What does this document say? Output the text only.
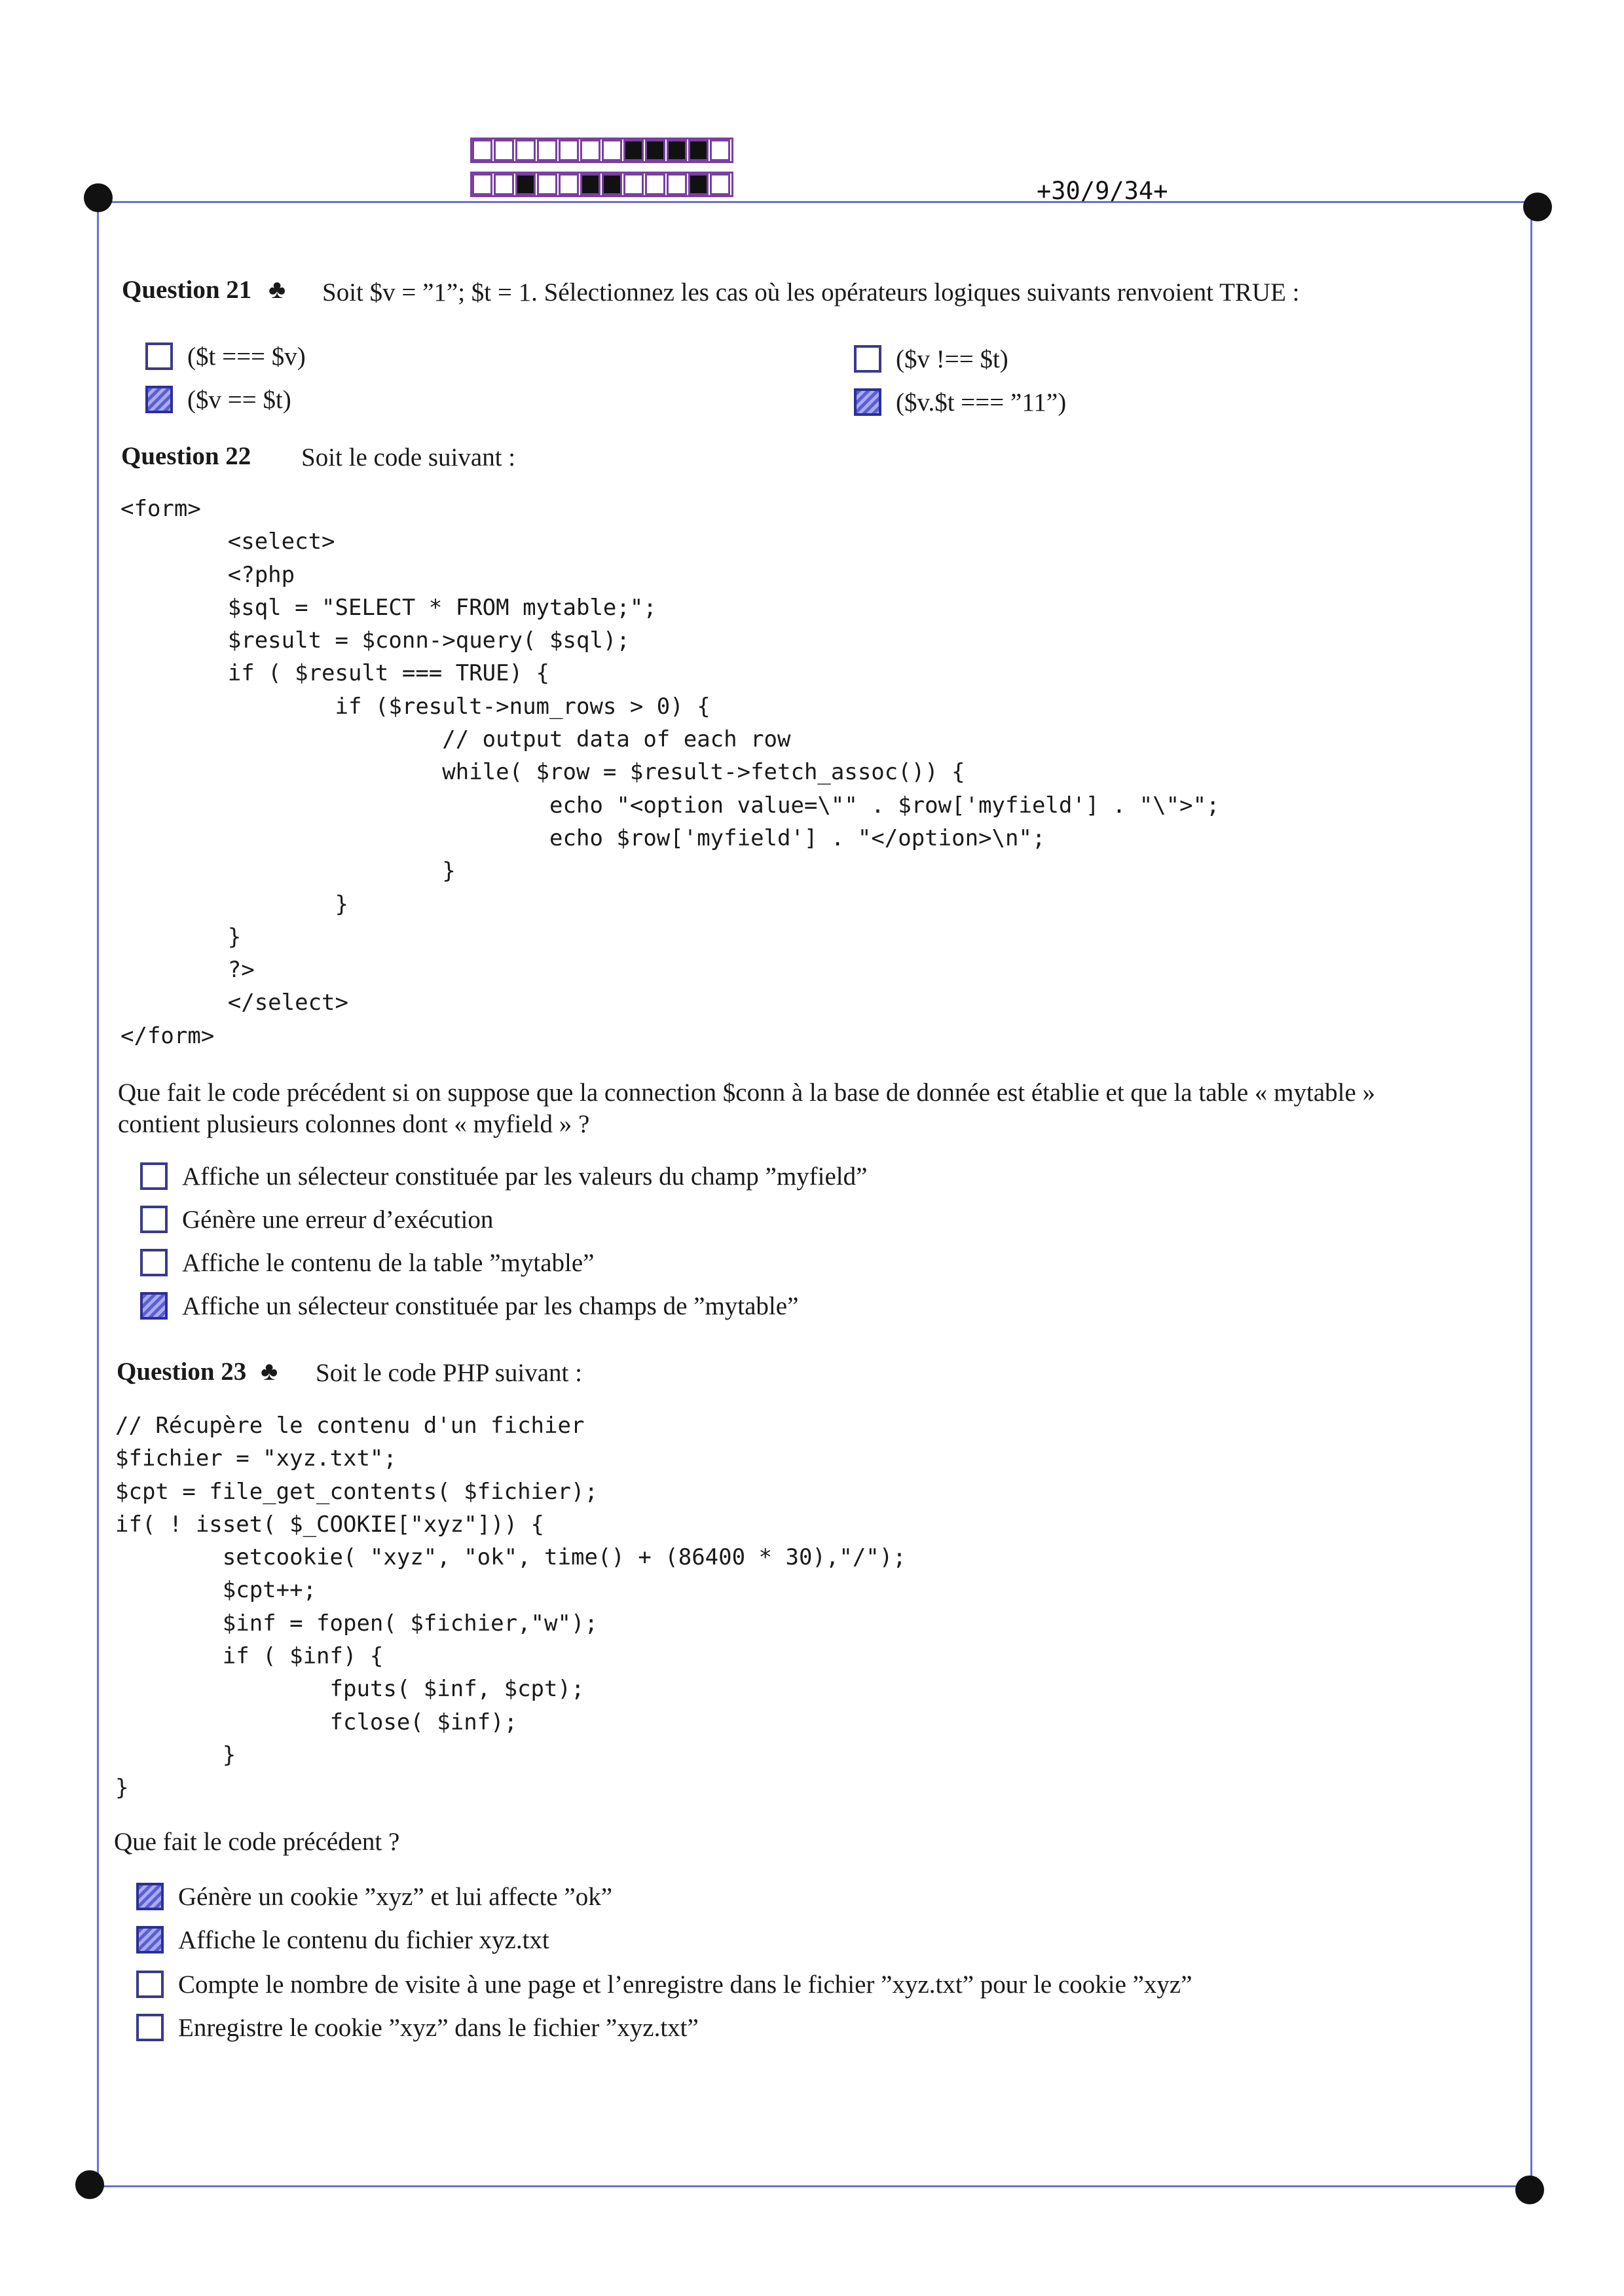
+30/9/34+
Question 21 ♣ Soit $v = ”1”; $t = 1. Sélectionnez les cas où les opérateurs logiques suivants renvoient TRUE :
($t === $v)	($v !== $t)
($v == $t)	($v.$t === ”11”)
Question 22 Soit le code suivant :
<form>
<select>
<?php
$sql = "SELECT * FROM mytable;";
$result = $conn->query( $sql);
if ( $result === TRUE) {
if ($result->num_rows > 0) {
// output data of each row
while( $row = $result->fetch_assoc()) {
echo "<option value=\"" . $row['myfield'] . "\">";
echo $row['myfield'] . "</option>\n";
}
}
}
?>
</select>
</form>
Que fait le code précédent si on suppose que la connection $conn à la base de donnée est établie et que la table « mytable »
contient plusieurs colonnes dont « myfield » ?
Affiche un sélecteur constituée par les valeurs du champ ”myfield”
Génère une erreur d’exécution
Affiche le contenu de la table ”mytable”
Affiche un sélecteur constituée par les champs de ”mytable”
Question 23 ♣ Soit le code PHP suivant :
// Récupère le contenu d'un fichier
$fichier = "xyz.txt";
$cpt = file_get_contents( $fichier);
if( ! isset( $_COOKIE["xyz"])) {
setcookie( "xyz", "ok", time() + (86400 * 30),"/");
$cpt++;
$inf = fopen( $fichier,"w");
if ( $inf) {
fputs( $inf, $cpt);
fclose( $inf);
}
}
Que fait le code précédent ?
Génère un cookie ”xyz” et lui affecte ”ok”
Affiche le contenu du fichier xyz.txt
Compte le nombre de visite à une page et l’enregistre dans le fichier ”xyz.txt” pour le cookie ”xyz”
Enregistre le cookie ”xyz” dans le fichier ”xyz.txt”
